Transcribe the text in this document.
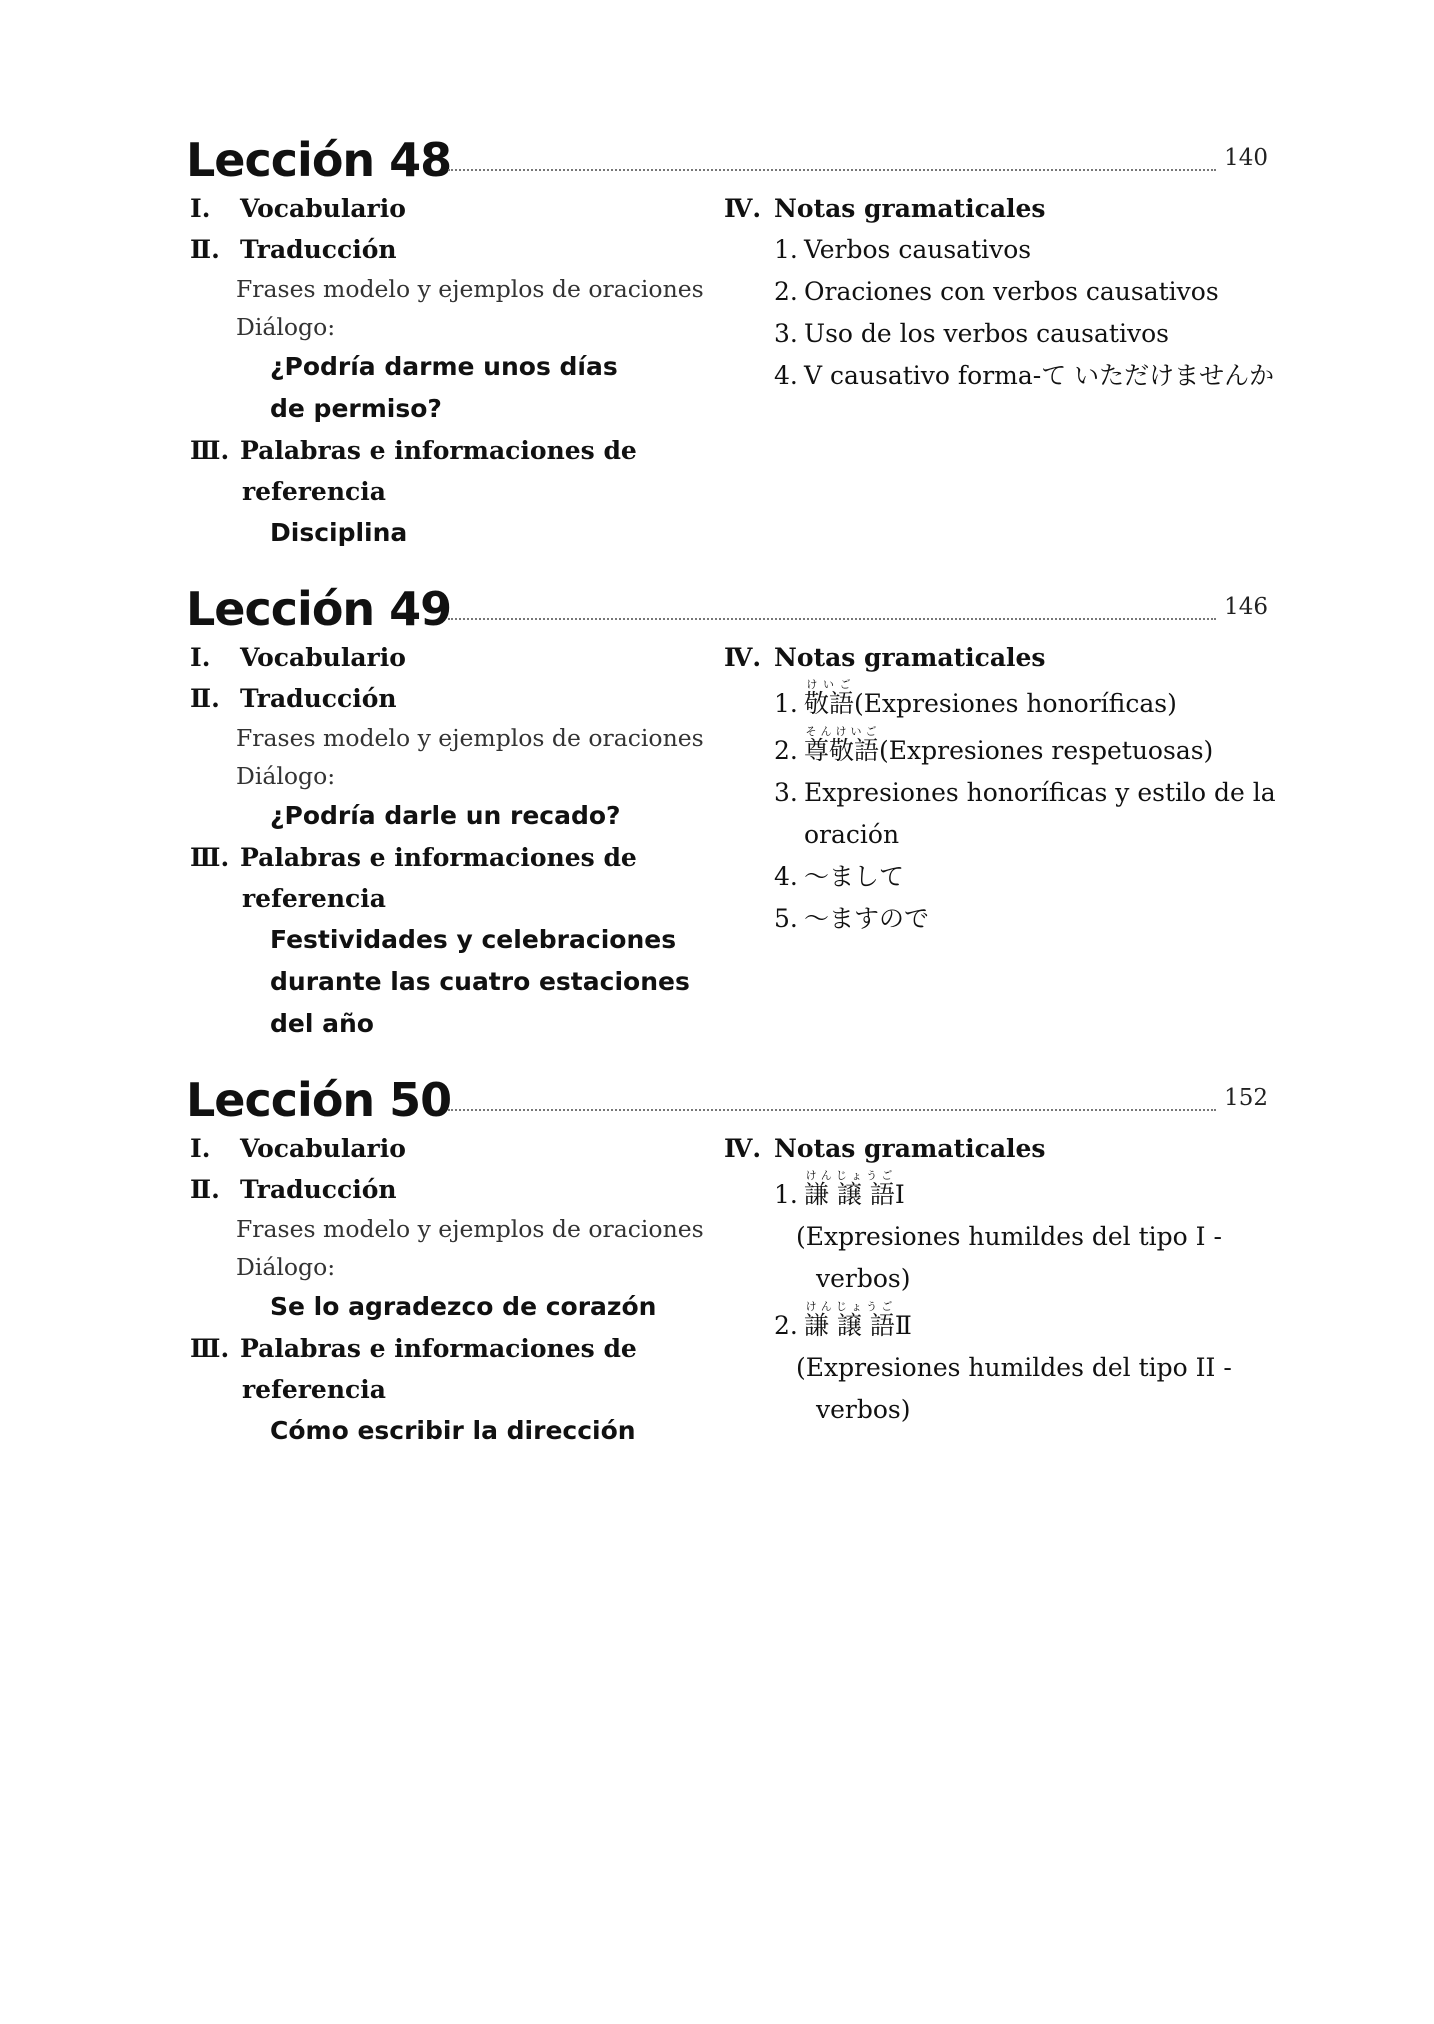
Lección 48	140
Ⅰ. Vocabulario
Ⅱ. Traducción
Frases modelo y ejemplos de oraciones
Diálogo:
¿Podría darme unos días
de permiso?
Ⅲ. Palabras e informaciones de
referencia
Disciplina
Ⅳ. Notas gramaticales
1. Verbos causativos
2. Oraciones con verbos causativos
3. Uso de los verbos causativos
4. V causativo forma-て いただけませんか
Lección 49	146
Ⅰ. Vocabulario
Ⅱ. Traducción
Frases modelo y ejemplos de oraciones
Diálogo:
¿Podría darle un recado?
Ⅲ. Palabras e informaciones de
referencia
Festividades y celebraciones
durante las cuatro estaciones
del año
Ⅳ. Notas gramaticales
1. 敬語けいご(Expresiones honoríficas)
2. 尊敬語そんけいご(Expresiones respetuosas)
3. Expresiones honoríficas y estilo de la
oración
4. ～まして
5. ～ますので
Lección 50	152
Ⅰ. Vocabulario
Ⅱ. Traducción
Frases modelo y ejemplos de oraciones
Diálogo:
Se lo agradezco de corazón
Ⅲ. Palabras e informaciones de
referencia
Cómo escribir la dirección
Ⅳ. Notas gramaticales
1. 謙 譲 語けんじょうごⅠ
(Expresiones humildes del tipo I -
verbos)
2. 謙 譲 語けんじょうごⅡ
(Expresiones humildes del tipo II -
verbos)
